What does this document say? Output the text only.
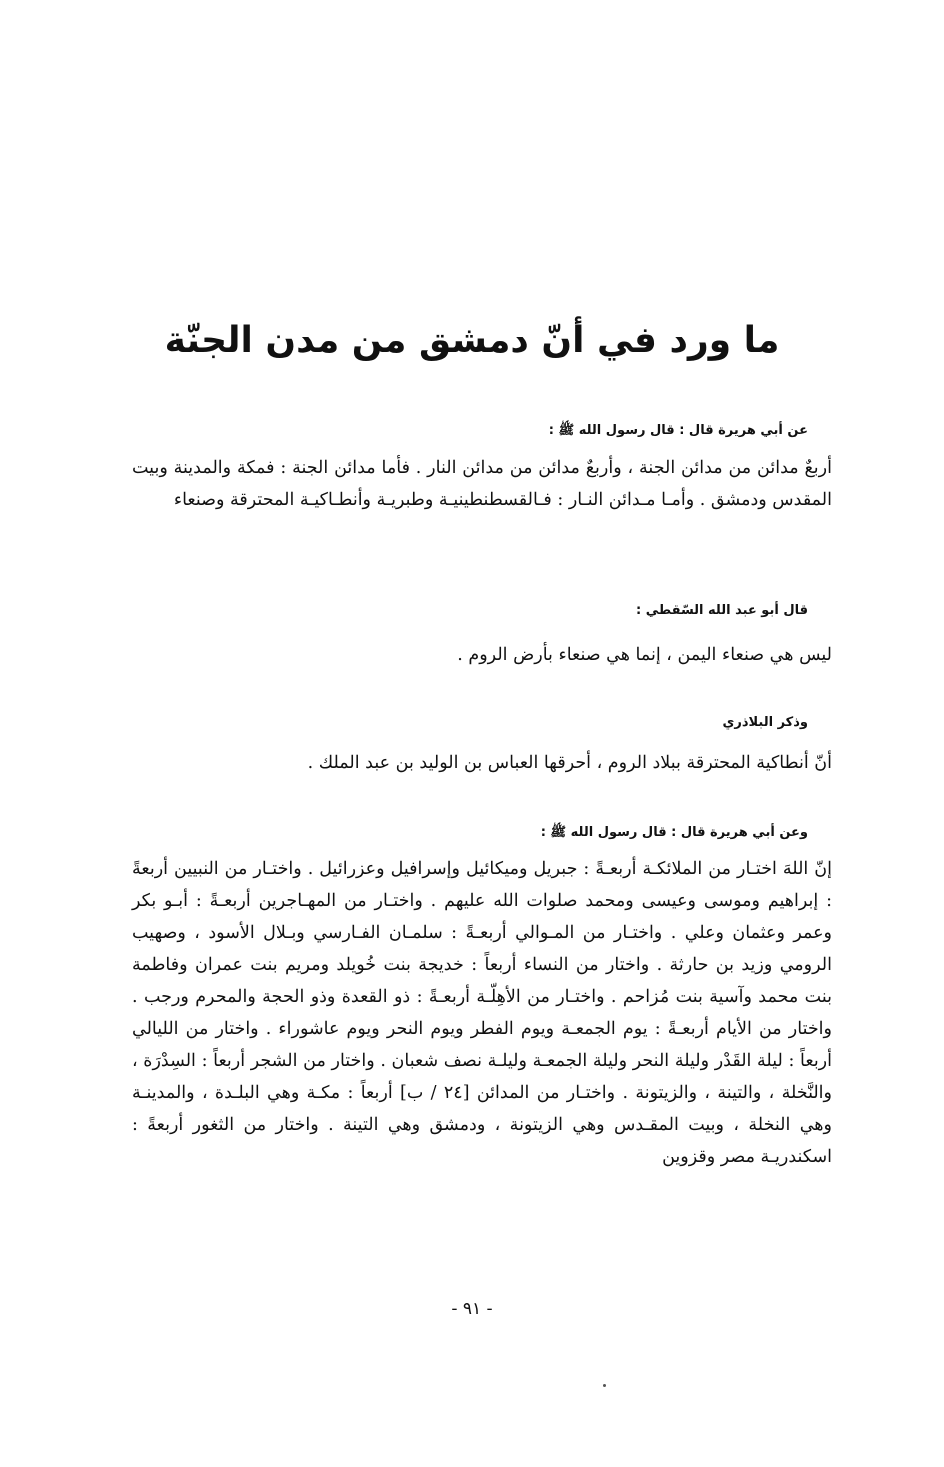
ما ورد في أنّ دمشق من مدن الجنّة
عن أبي هريرة قال : قال رسول الله ﷺ :

أربعٌ مدائن من مدائن الجنة ، وأربعٌ مدائن من مدائن النار . فأما مدائن الجنة : فمكة والمدينة وبيت المقدس ودمشق . وأمـا مـدائن النـار : فـالقسطنطينيـة وطبريـة وأنطـاكيـة المحترقة وصنعاء

قال أبو عبد الله السّقطي :

ليس هي صنعاء اليمن ، إنما هي صنعاء بأرض الروم .

وذكر البلاذري

أنّ أنطاكية المحترقة ببلاد الروم ، أحرقها العباس بن الوليد بن عبد الملك .

وعن أبي هريرة قال : قال رسول الله ﷺ :

إنّ اللهَ اختـار من الملائكـة أربعـةً : جبريل وميكائيل وإسرافيل وعزرائيل . واختـار من النبيين أربعةً : إبراهيم وموسى وعيسى ومحمد صلوات الله عليهم . واختـار من المهـاجرين أربعـةً : أبـو بكر وعمر وعثمان وعلي . واختـار من المـوالي أربعـةً : سلمـان الفـارسي وبـلال الأسود ، وصهيب الرومي وزيد بن حارثة . واختار من النساء أربعاً : خديجة بنت خُويلد ومريم بنت عمران وفاطمة بنت محمد وآسية بنت مُزاحم . واختـار من الأهِلّـة أربعـةً : ذو القعدة وذو الحجة والمحرم ورجب . واختار من الأيام أربعـةً : يوم الجمعـة ويوم الفطر ويوم النحر ويوم عاشوراء . واختار من الليالي أربعاً : ليلة القَدْر وليلة النحر وليلة الجمعـة وليلـة نصف شعبان . واختار من الشجر أربعاً : السِدْرَة ، والنَّخلة ، والتينة ، والزيتونة . واختـار من المدائن [٢٤ / ب] أربعاً : مكـة وهي البلـدة ، والمدينـة وهي النخلة ، وبيت المقـدس وهي الزيتونة ، ودمشق وهي التينة . واختار من الثغور أربعةً : اسكندريـة مصر وقزوين

- ٩١ -
